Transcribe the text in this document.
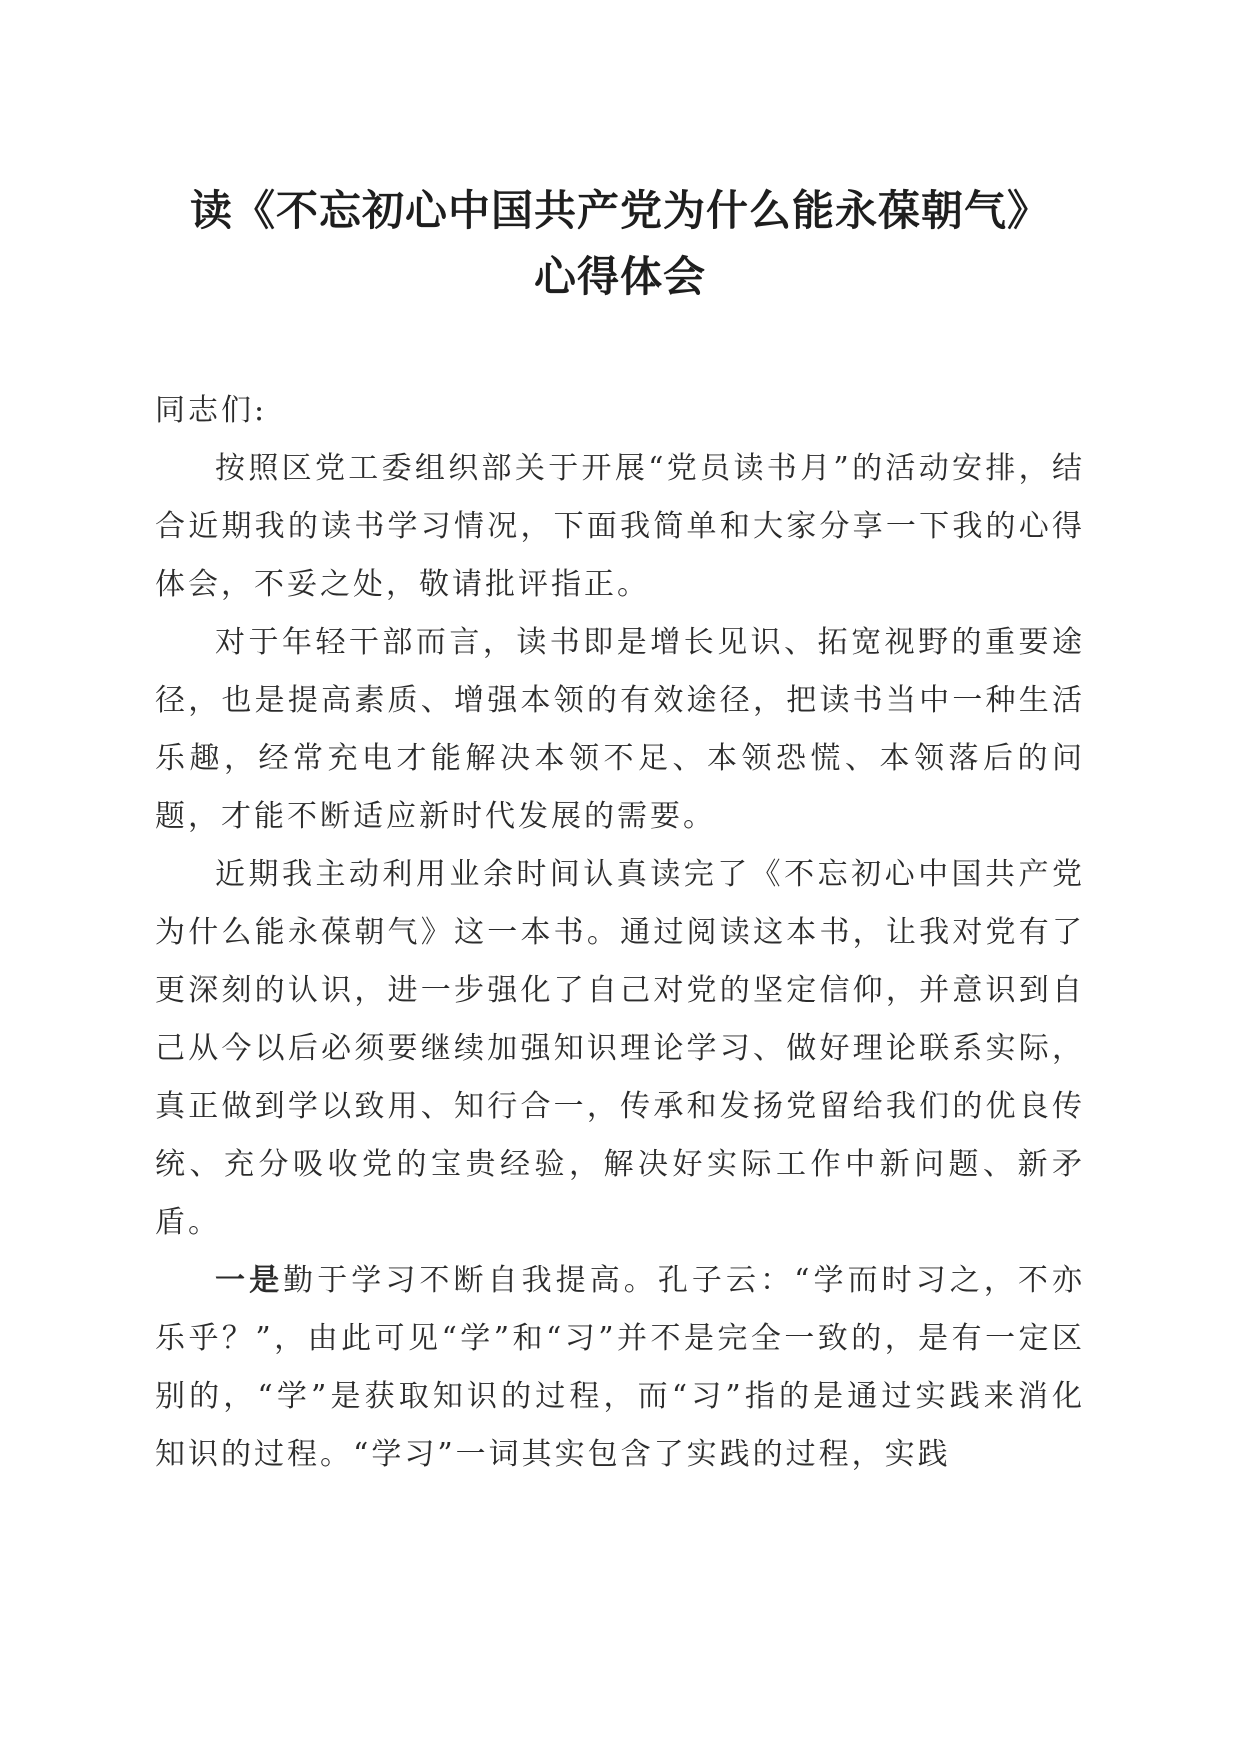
读《不忘初心中国共产党为什么能永葆朝气》
心得体会

同志们:

按照区党工委组织部关于开展“党员读书月”的活动安排，结合近期我的读书学习情况，下面我简单和大家分享一下我的心得体会，不妥之处，敬请批评指正。

对于年轻干部而言，读书即是增长见识、拓宽视野的重要途径，也是提高素质、增强本领的有效途径，把读书当中一种生活乐趣，经常充电才能解决本领不足、本领恐慌、本领落后的问题，才能不断适应新时代发展的需要。

近期我主动利用业余时间认真读完了《不忘初心中国共产党为什么能永葆朝气》这一本书。通过阅读这本书，让我对党有了更深刻的认识，进一步强化了自己对党的坚定信仰，并意识到自己从今以后必须要继续加强知识理论学习、做好理论联系实际，真正做到学以致用、知行合一，传承和发扬党留给我们的优良传统、充分吸收党的宝贵经验，解决好实际工作中新问题、新矛盾。

一是勤于学习不断自我提高。孔子云：“学而时习之，不亦乐乎？”，由此可见“学”和“习”并不是完全一致的，是有一定区别的，“学”是获取知识的过程，而“习”指的是通过实践来消化知识的过程。“学习”一词其实包含了实践的过程，实践
